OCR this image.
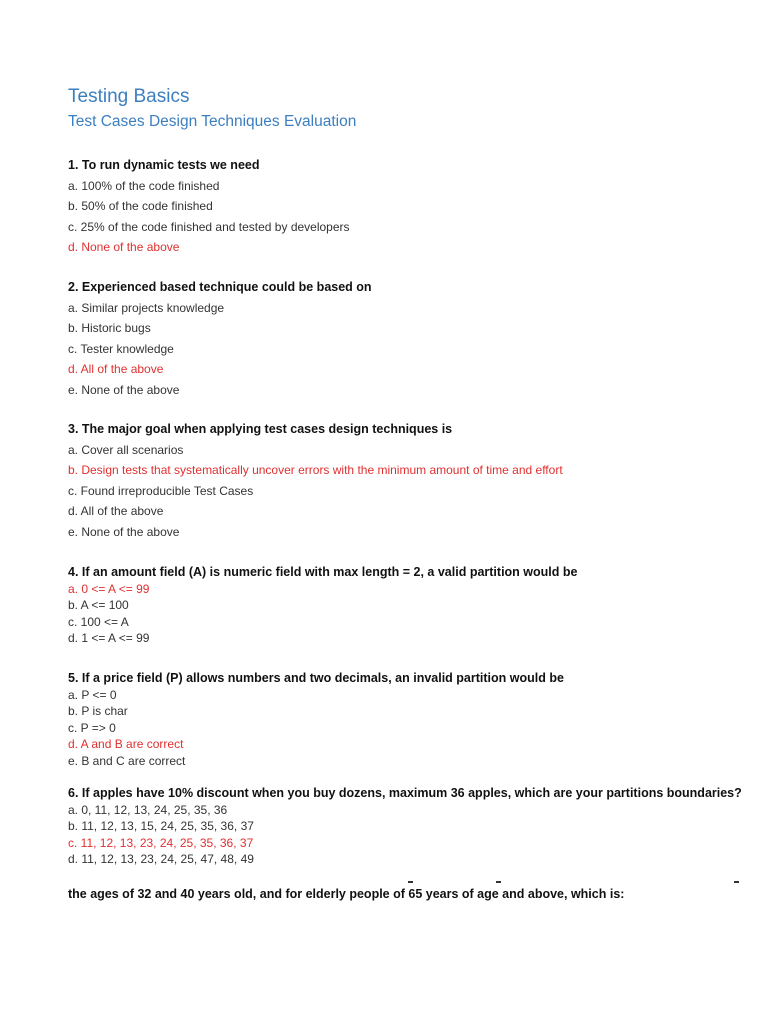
Testing Basics
Test Cases Design Techniques Evaluation
1. To run dynamic tests we need
a. 100% of the code finished
b. 50% of the code finished
c. 25% of the code finished and tested by developers
d. None of the above
2. Experienced based technique could be based on
a. Similar projects knowledge
b. Historic bugs
c. Tester knowledge
d. All of the above
e. None of the above
3. The major goal when applying test cases design techniques is
a. Cover all scenarios
b. Design tests that systematically uncover errors with the minimum amount of time and effort
c. Found irreproducible Test Cases
d. All of the above
e. None of the above
4. If an amount field (A) is numeric field with max length = 2, a valid partition would be
a. 0 <= A <= 99
b. A <= 100
c. 100 <= A
d. 1 <= A <= 99
5. If a price field (P) allows numbers and two decimals, an invalid partition would be
a. P <= 0
b. P is char
c. P => 0
d. A and B are correct
e. B and C are correct
6. If apples have 10% discount when you buy dozens, maximum 36 apples, which are your partitions boundaries?
a. 0, 11, 12, 13, 24, 25, 35, 36
b. 11, 12, 13, 15, 24, 25, 35, 36, 37
c. 11, 12, 13, 23, 24, 25, 35, 36, 37
d. 11, 12, 13, 23, 24, 25, 47, 48, 49
the ages of 32 and 40 years old, and for elderly people of 65 years of age and above, which is:
